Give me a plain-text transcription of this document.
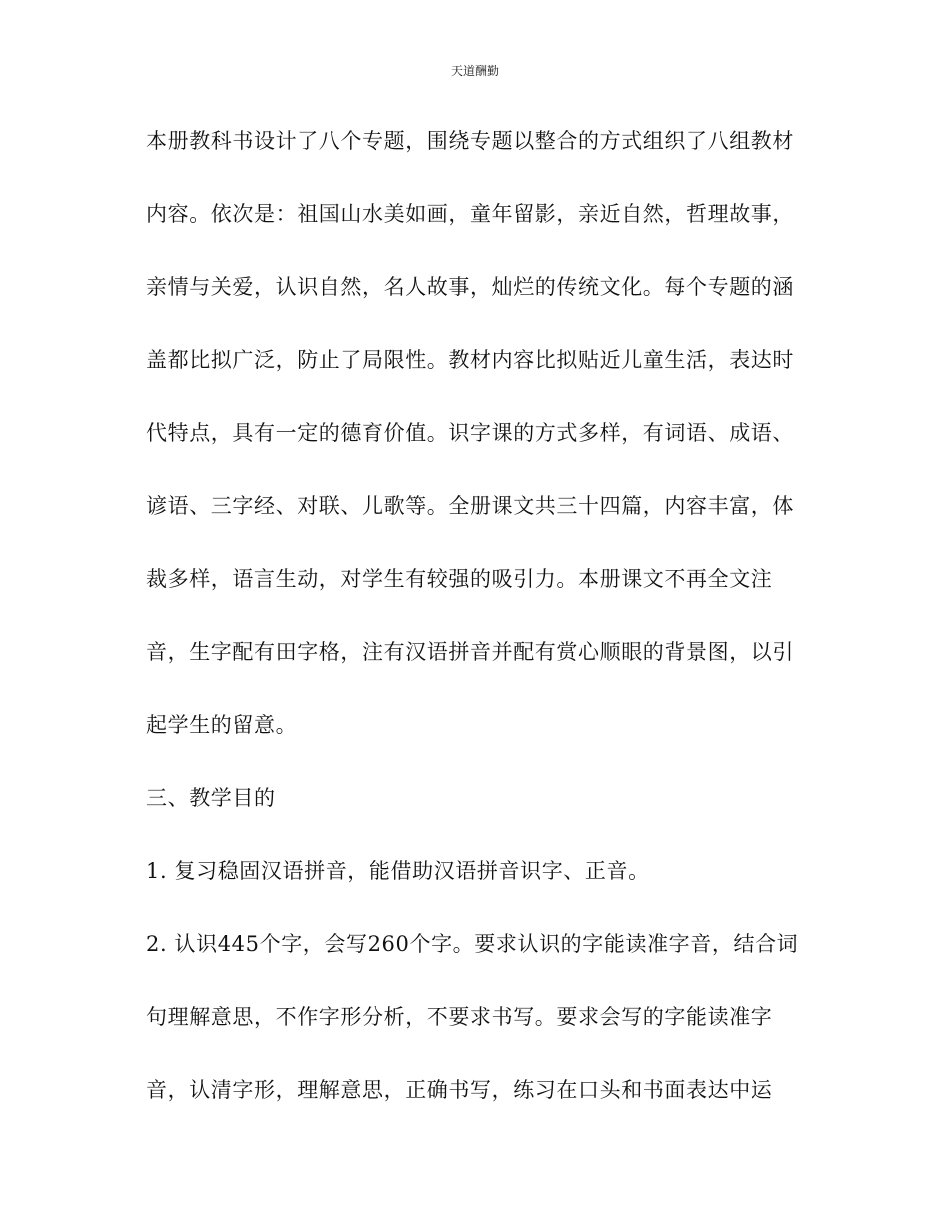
天道酬勤
本册教科书设计了八个专题，围绕专题以整合的方式组织了八组教材
内容。依次是：祖国山水美如画，童年留影，亲近自然，哲理故事，
亲情与关爱，认识自然，名人故事，灿烂的传统文化。每个专题的涵
盖都比拟广泛，防止了局限性。教材内容比拟贴近儿童生活，表达时
代特点，具有一定的德育价值。识字课的方式多样，有词语、成语、
谚语、三字经、对联、儿歌等。全册课文共三十四篇，内容丰富，体
裁多样，语言生动，对学生有较强的吸引力。本册课文不再全文注
音，生字配有田字格，注有汉语拼音并配有赏心顺眼的背景图，以引
起学生的留意。
三、教学目的
1. 复习稳固汉语拼音，能借助汉语拼音识字、正音。
2. 认识445个字，会写260个字。要求认识的字能读准字音，结合词
句理解意思，不作字形分析，不要求书写。要求会写的字能读准字
音，认清字形，理解意思，正确书写，练习在口头和书面表达中运
